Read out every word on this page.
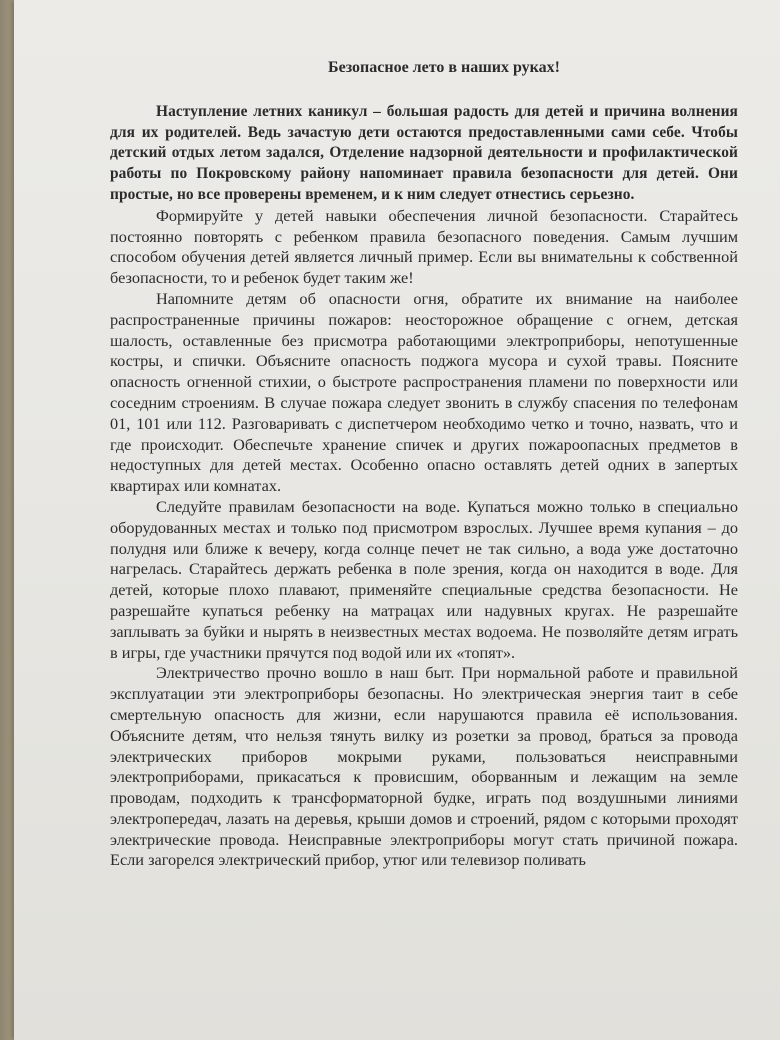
Безопасное лето в наших руках!

Наступление летних каникул – большая радость для детей и причина волнения для их родителей. Ведь зачастую дети остаются предоставленными сами себе. Чтобы детский отдых летом задался, Отделение надзорной деятельности и профилактической работы по Покровскому району напоминает правила безопасности для детей. Они простые, но все проверены временем, и к ним следует отнестись серьезно.

Формируйте у детей навыки обеспечения личной безопасности. Старайтесь постоянно повторять с ребенком правила безопасного поведения. Самым лучшим способом обучения детей является личный пример. Если вы внимательны к собственной безопасности, то и ребенок будет таким же!

Напомните детям об опасности огня, обратите их внимание на наиболее распространенные причины пожаров: неосторожное обращение с огнем, детская шалость, оставленные без присмотра работающими электроприборы, непотушенные костры, и спички. Объясните опасность поджога мусора и сухой травы. Поясните опасность огненной стихии, о быстроте распространения пламени по поверхности или соседним строениям. В случае пожара следует звонить в службу спасения по телефонам 01, 101 или 112. Разговаривать с диспетчером необходимо четко и точно, назвать, что и где происходит. Обеспечьте хранение спичек и других пожароопасных предметов в недоступных для детей местах. Особенно опасно оставлять детей одних в запертых квартирах или комнатах.

Следуйте правилам безопасности на воде. Купаться можно только в специально оборудованных местах и только под присмотром взрослых. Лучшее время купания – до полудня или ближе к вечеру, когда солнце печет не так сильно, а вода уже достаточно нагрелась. Старайтесь держать ребенка в поле зрения, когда он находится в воде. Для детей, которые плохо плавают, применяйте специальные средства безопасности. Не разрешайте купаться ребенку на матрацах или надувных кругах. Не разрешайте заплывать за буйки и нырять в неизвестных местах водоема. Не позволяйте детям играть в игры, где участники прячутся под водой или их «топят».

Электричество прочно вошло в наш быт. При нормальной работе и правильной эксплуатации эти электроприборы безопасны. Но электрическая энергия таит в себе смертельную опасность для жизни, если нарушаются правила её использования. Объясните детям, что нельзя тянуть вилку из розетки за провод, браться за провода электрических приборов мокрыми руками, пользоваться неисправными электроприборами, прикасаться к провисшим, оборванным и лежащим на земле проводам, подходить к трансформаторной будке, играть под воздушными линиями электропередач, лазать на деревья, крыши домов и строений, рядом с которыми проходят электрические провода. Неисправные электроприборы могут стать причиной пожара. Если загорелся электрический прибор, утюг или телевизор поливать
